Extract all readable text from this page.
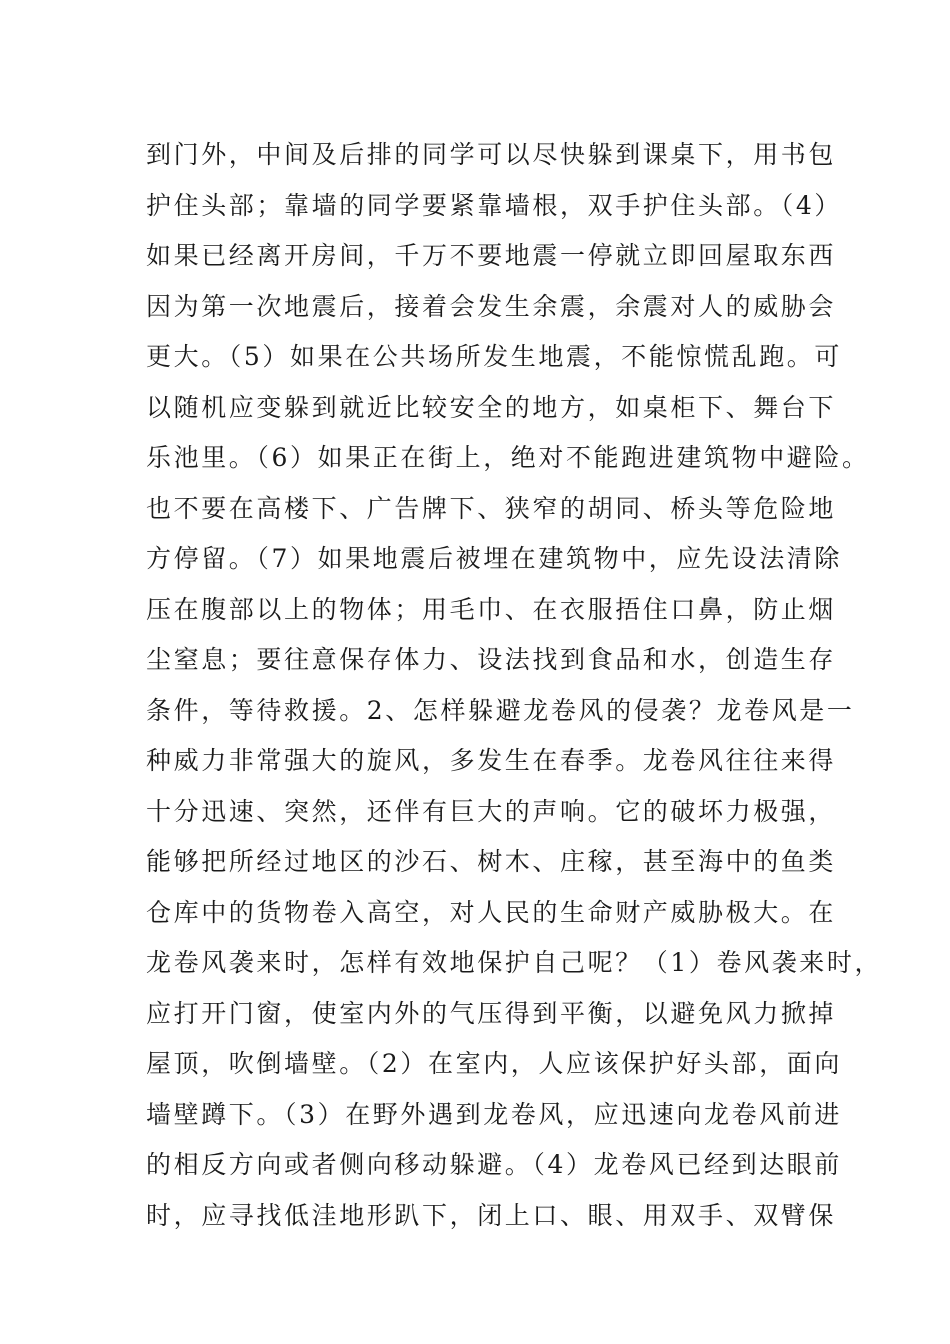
到门外，中间及后排的同学可以尽快躲到课桌下，用书包
护住头部；靠墙的同学要紧靠墙根，双手护住头部。（4）
如果已经离开房间，千万不要地震一停就立即回屋取东西
因为第一次地震后，接着会发生余震，余震对人的威胁会
更大。（5）如果在公共场所发生地震，不能惊慌乱跑。可
以随机应变躲到就近比较安全的地方，如桌柜下、舞台下
乐池里。（6）如果正在街上，绝对不能跑进建筑物中避险。
也不要在高楼下、广告牌下、狭窄的胡同、桥头等危险地
方停留。（7）如果地震后被埋在建筑物中，应先设法清除
压在腹部以上的物体；用毛巾、在衣服捂住口鼻，防止烟
尘窒息；要往意保存体力、设法找到食品和水，创造生存
条件，等待救援。2、怎样躲避龙卷风的侵袭？龙卷风是一
种威力非常强大的旋风，多发生在春季。龙卷风往往来得
十分迅速、突然，还伴有巨大的声响。它的破坏力极强，
能够把所经过地区的沙石、树木、庄稼，甚至海中的鱼类
仓库中的货物卷入高空，对人民的生命财产威胁极大。在
龙卷风袭来时，怎样有效地保护自己呢？（1）卷风袭来时，
应打开门窗，使室内外的气压得到平衡，以避免风力掀掉
屋顶，吹倒墙壁。（2）在室内，人应该保护好头部，面向
墙壁蹲下。（3）在野外遇到龙卷风，应迅速向龙卷风前进
的相反方向或者侧向移动躲避。（4）龙卷风已经到达眼前
时，应寻找低洼地形趴下，闭上口、眼、用双手、双臂保
